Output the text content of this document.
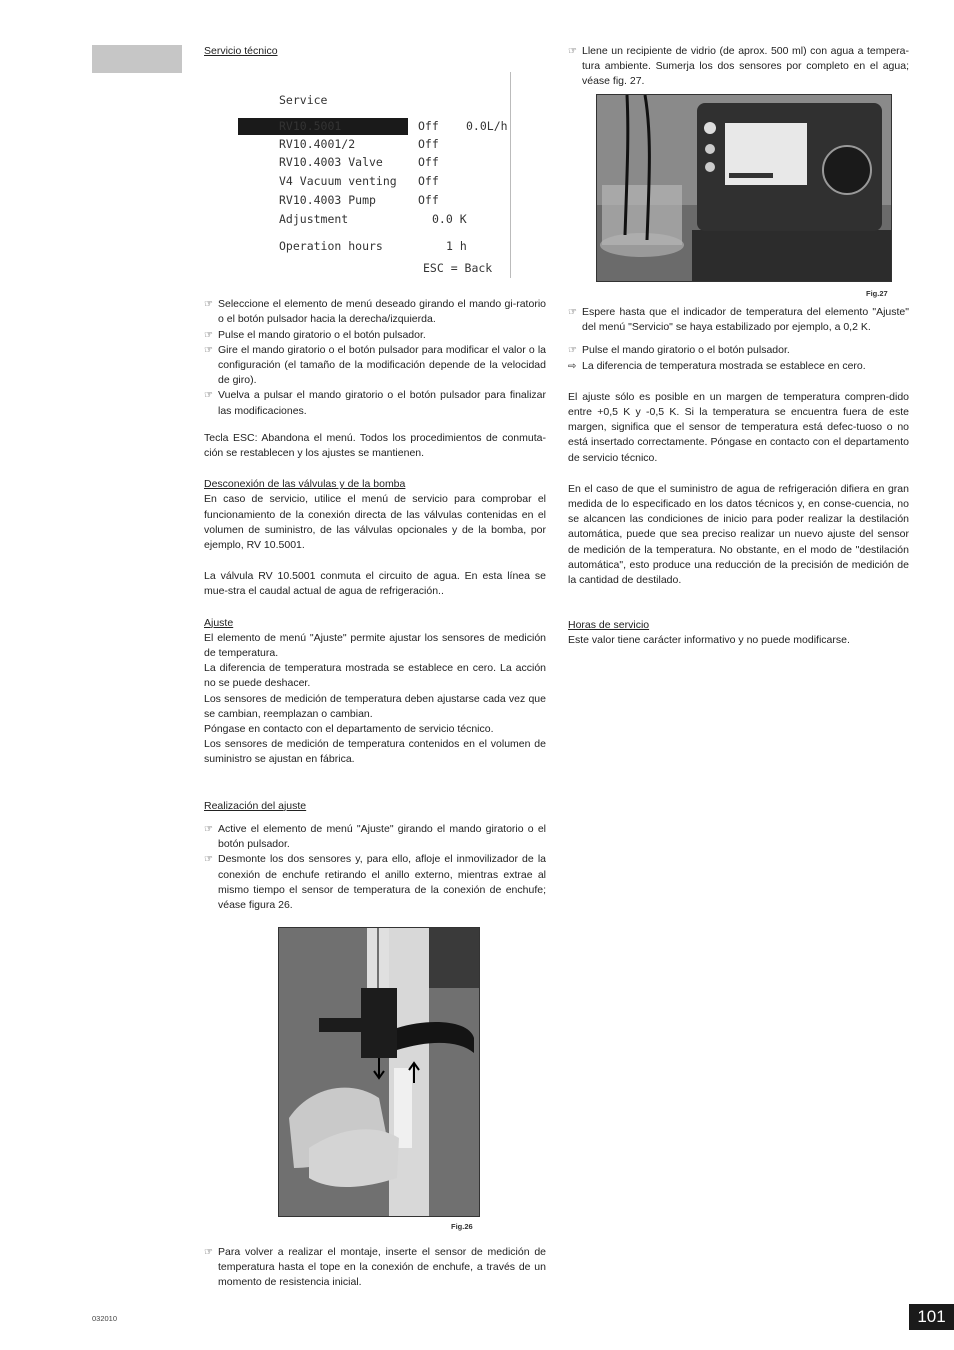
Servicio técnico
☞ Seleccione el elemento de menú deseado girando el mando gi-ratorio o el botón pulsador hacia la derecha/izquierda.
☞ Pulse el mando giratorio o el botón pulsador.
☞ Gire el mando giratorio o el botón pulsador para modificar el valor o la configuración (el tamaño de la modificación depende de la velocidad de giro).
☞ Vuelva a pulsar el mando giratorio o el botón pulsador para finalizar las modificaciones.

Tecla ESC: Abandona el menú. Todos los procedimientos de conmuta-ción se restablecen y los ajustes se mantienen.

Desconexión de las válvulas y de la bomba

En caso de servicio, utilice el menú de servicio para comprobar el funcionamiento de la conexión directa de las válvulas contenidas en el volumen de suministro, de las válvulas opcionales y de la bomba, por ejemplo, RV 10.5001.

La válvula RV 10.5001 conmuta el circuito de agua. En esta línea se mue-stra el caudal actual de agua de refrigeración..

Ajuste

El elemento de menú "Ajuste" permite ajustar los sensores de medición de temperatura.

La diferencia de temperatura mostrada se establece en cero. La acción no se puede deshacer.

Los sensores de medición de temperatura deben ajustarse cada vez que se cambian, reemplazan o cambian.

Póngase en contacto con el departamento de servicio técnico.

Los sensores de medición de temperatura contenidos en el volumen de suministro se ajustan en fábrica.

Realización del ajuste
☞ Active el elemento de menú "Ajuste" girando el mando giratorio o el botón pulsador.
☞ Desmonte los dos sensores y, para ello, afloje el inmovilizador de la conexión de enchufe retirando el anillo externo, mientras extrae al mismo tiempo el sensor de temperatura de la conexión de enchufe; véase figura 26.
☞ Para volver a realizar el montaje, inserte el sensor de medición de temperatura hasta el tope en la conexión de enchufe, a través de un momento de resistencia inicial.
Service
RV10.5001	Off 0.0L/h
RV10.4001/2	Off
RV10.4003 Valve	Off
V4 Vacuum venting Off
RV10.4003 Pump	Off
Adjustment	0.0 K
Operation hours	1 h
ESC = Back
☞ Llene un recipiente de vidrio (de aprox. 500 ml) con agua a tempera-tura ambiente. Sumerja los dos sensores por completo en el agua; véase fig. 27.
Fig.27
☞ Espere hasta que el indicador de temperatura del elemento "Ajuste" del menú "Servicio" se haya estabilizado por ejemplo, a 0,2 K.
☞ Pulse el mando giratorio o el botón pulsador.
⇨ La diferencia de temperatura mostrada se establece en cero.

El ajuste sólo es posible en un margen de temperatura compren-dido entre +0,5 K y -0,5 K. Si la temperatura se encuentra fuera de este margen, significa que el sensor de temperatura está defec-tuoso o no está insertado correctamente. Póngase en contacto con el departamento de servicio técnico.

En el caso de que el suministro de agua de refrigeración difiera en gran medida de lo especificado en los datos técnicos y, en conse-cuencia, no se alcancen las condiciones de inicio para poder realizar la destilación automática, puede que sea preciso realizar un nuevo ajuste del sensor de medición de la temperatura. No obstante, en el modo de "destilación automática", esto produce una reducción de la precisión de medición de la cantidad de destilado.

Horas de servicio

Este valor tiene carácter informativo y no puede modificarse.

Fig.26
032010	101
